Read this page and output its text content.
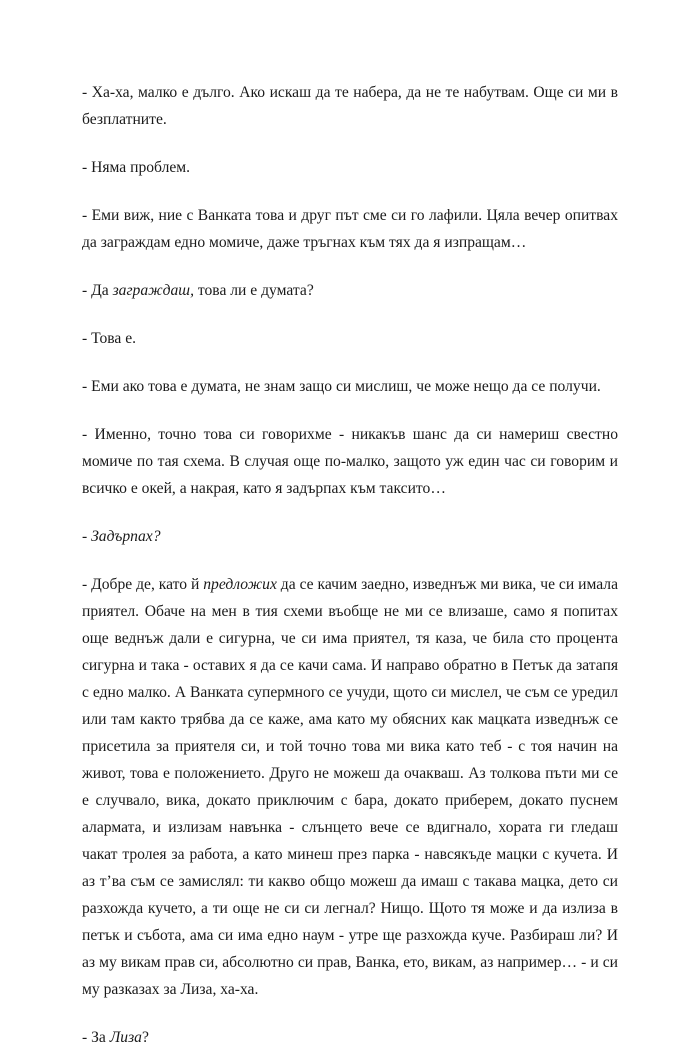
- Ха-ха, малко е дълго. Ако искаш да те набера, да не те набутвам. Още си ми в безплатните.

- Няма проблем.

- Еми виж, ние с Ванката това и друг път сме си го лафили. Цяла вечер опитвах да заграждам едно момиче, даже тръгнах към тях да я изпращам…

- Да заграждаш, това ли е думата?

- Това е.

- Еми ако това е думата, не знам защо си мислиш, че може нещо да се получи.

- Именно, точно това си говорихме - никакъв шанс да си намериш свестно момиче по тая схема. В случая още по-малко, защото уж един час си говорим и всичко е окей, а накрая, като я задърпах към таксито…

- Задърпах?

- Добре де, като й предложих да се качим заедно, изведнъж ми вика, че си имала приятел. Обаче на мен в тия схеми въобще не ми се влизаше, само я попитах още веднъж дали е сигурна, че си има приятел, тя каза, че била сто процента сигурна и така - оставих я да се качи сама. И направо обратно в Петък да затапя с едно малко. А Ванката супермного се учуди, щото си мислел, че съм се уредил или там както трябва да се каже, ама като му обясних как мацката изведнъж се присетила за приятеля си, и той точно това ми вика като теб - с тоя начин на живот, това е положението. Друго не можеш да очакваш. Аз толкова пъти ми се е случвало, вика, докато приключим с бара, докато приберем, докато пуснем алармата, и излизам навънка - слънцето вече се вдигнало, хората ги гледаш чакат тролея за работа, а като минеш през парка - навсякъде мацки с кучета. И аз т’ва съм се замислял: ти какво общо можеш да имаш с такава мацка, дето си разхожда кучето, а ти още не си си легнал? Нищо. Щото тя може и да излиза в петък и събота, ама си има едно наум - утре ще разхожда куче. Разбираш ли? И аз му викам прав си, абсолютно си прав, Ванка, ето, викам, аз например… - и си му разказах за Лиза, ха-ха.

- За Лиза?
